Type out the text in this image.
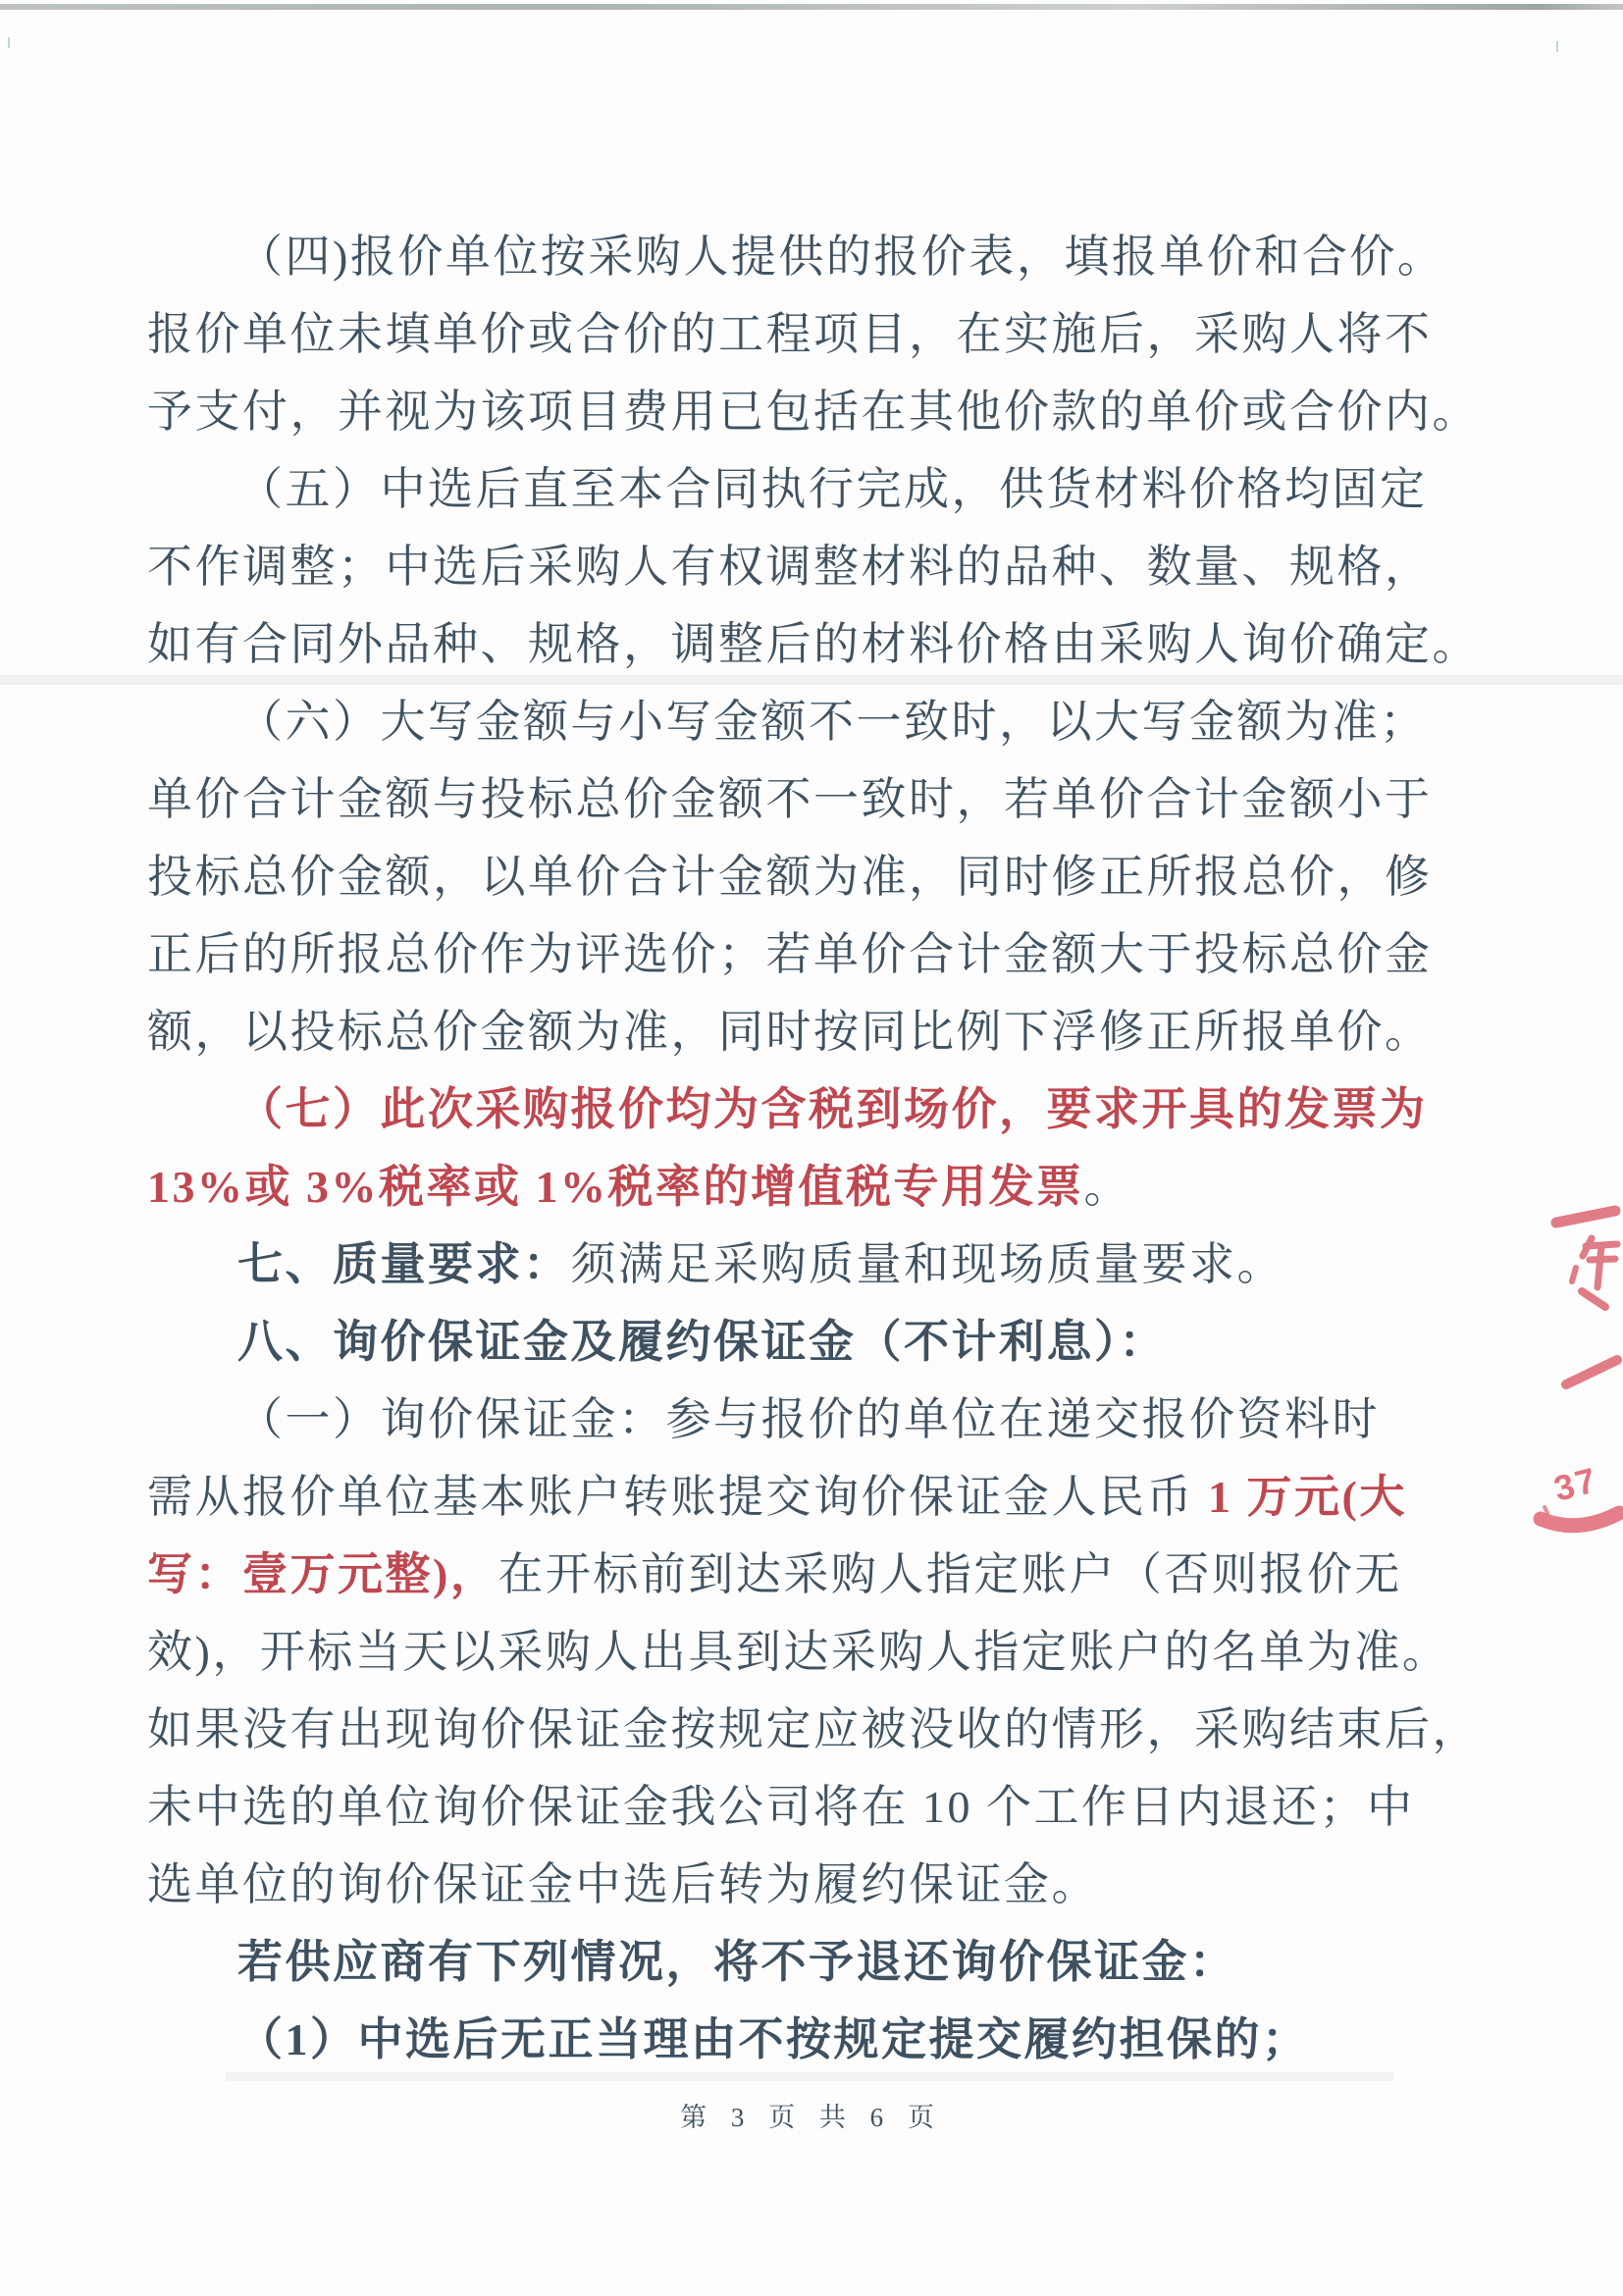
（四)报价单位按采购人提供的报价表，填报单价和合价。
报价单位未填单价或合价的工程项目，在实施后，采购人将不
予支付，并视为该项目费用已包括在其他价款的单价或合价内。
（五）中选后直至本合同执行完成，供货材料价格均固定
不作调整；中选后采购人有权调整材料的品种、数量、规格，
如有合同外品种、规格，调整后的材料价格由采购人询价确定。
（六）大写金额与小写金额不一致时，以大写金额为准；
单价合计金额与投标总价金额不一致时，若单价合计金额小于
投标总价金额，以单价合计金额为准，同时修正所报总价，修
正后的所报总价作为评选价；若单价合计金额大于投标总价金
额，以投标总价金额为准，同时按同比例下浮修正所报单价。
（七）此次采购报价均为含税到场价，要求开具的发票为
13%或 3%税率或 1%税率的增值税专用发票。
七、质量要求：须满足采购质量和现场质量要求。
八、询价保证金及履约保证金（不计利息）：
（一）询价保证金：参与报价的单位在递交报价资料时
需从报价单位基本账户转账提交询价保证金人民币 1 万元(大
写：壹万元整)，在开标前到达采购人指定账户（否则报价无
效)，开标当天以采购人出具到达采购人指定账户的名单为准。
如果没有出现询价保证金按规定应被没收的情形，采购结束后，
未中选的单位询价保证金我公司将在 10 个工作日内退还；中
选单位的询价保证金中选后转为履约保证金。
若供应商有下列情况，将不予退还询价保证金：
（1）中选后无正当理由不按规定提交履约担保的；
第 3 页 共 6 页
37
